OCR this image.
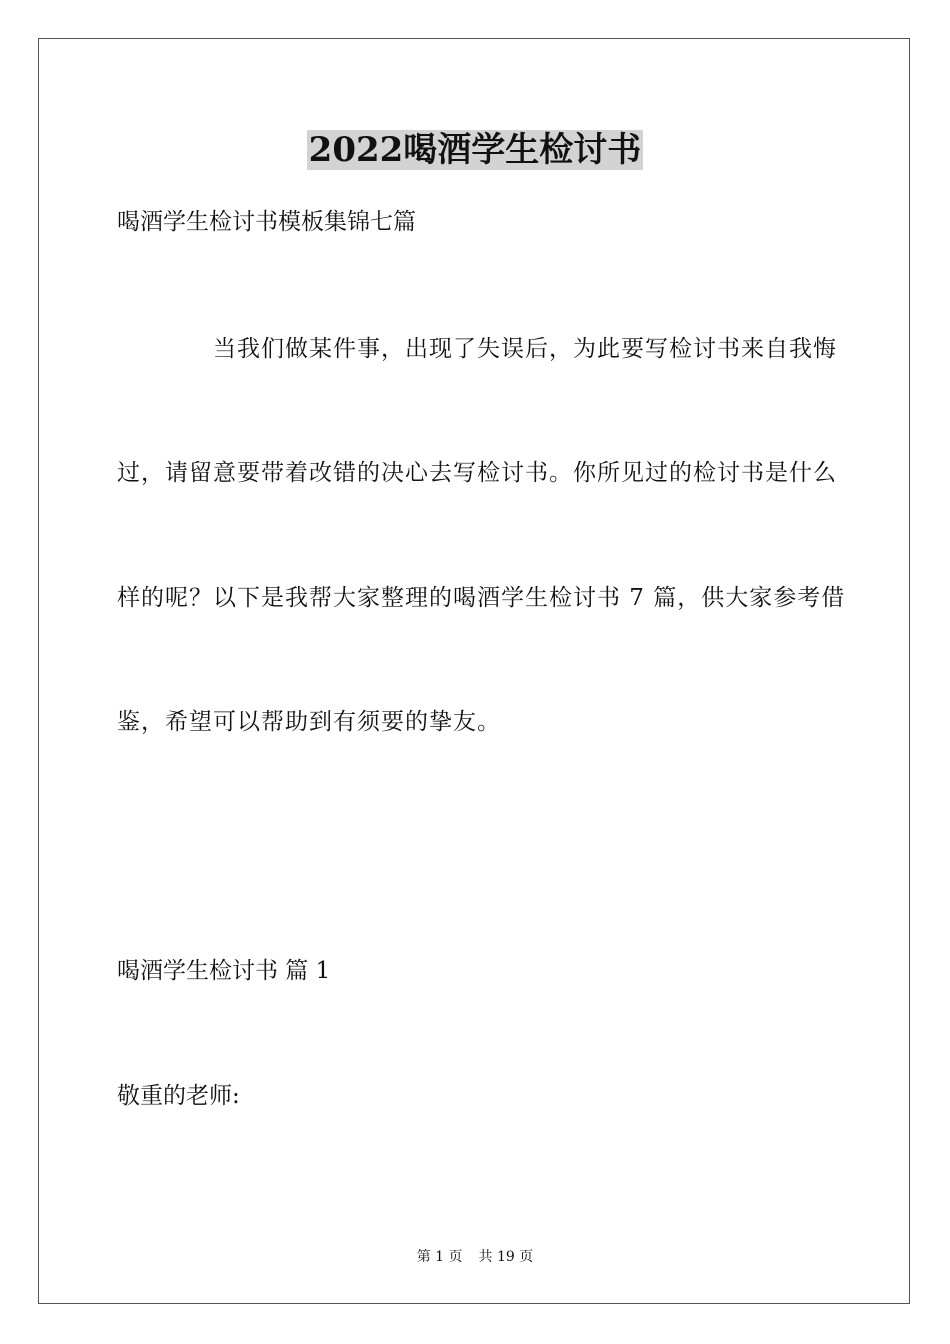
2022喝酒学生检讨书
喝酒学生检讨书模板集锦七篇
当我们做某件事，出现了失误后，为此要写检讨书来自我悔
过，请留意要带着改错的决心去写检讨书。你所见过的检讨书是什么
样的呢？以下是我帮大家整理的喝酒学生检讨书 7 篇，供大家参考借
鉴，希望可以帮助到有须要的挚友。
喝酒学生检讨书 篇 1
敬重的老师:
第 1 页 共 19 页
